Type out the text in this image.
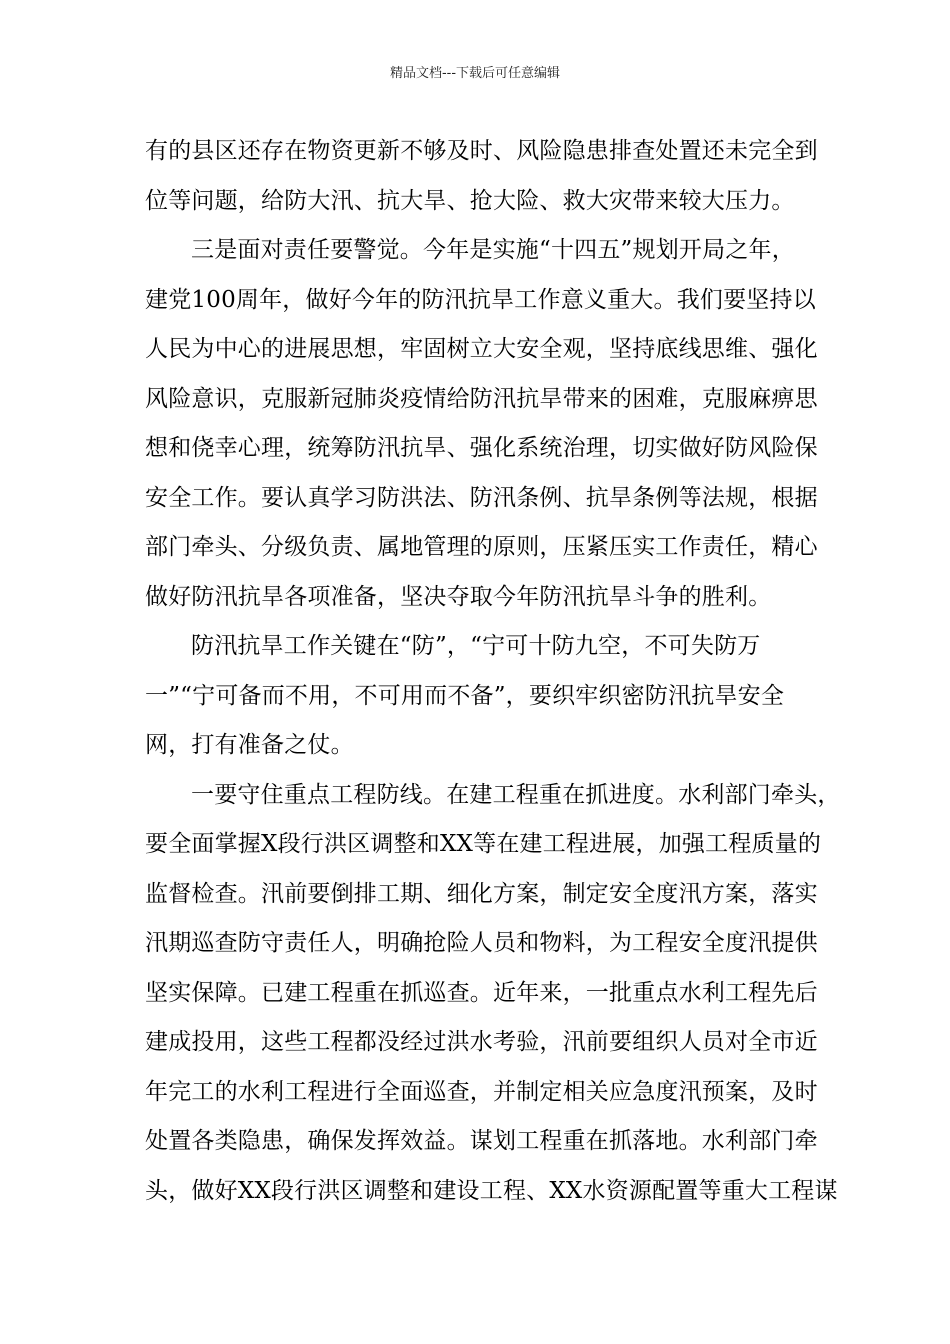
精品文档---下载后可任意编辑
有的县区还存在物资更新不够及时、风险隐患排查处置还未完全到
位等问题，给防大汛、抗大旱、抢大险、救大灾带来较大压力。
三是面对责任要警觉。今年是实施“十四五”规划开局之年，
建党100周年，做好今年的防汛抗旱工作意义重大。我们要坚持以
人民为中心的进展思想，牢固树立大安全观，坚持底线思维、强化
风险意识，克服新冠肺炎疫情给防汛抗旱带来的困难，克服麻痹思
想和侥幸心理，统筹防汛抗旱、强化系统治理，切实做好防风险保
安全工作。要认真学习防洪法、防汛条例、抗旱条例等法规，根据
部门牵头、分级负责、属地管理的原则，压紧压实工作责任，精心
做好防汛抗旱各项准备，坚决夺取今年防汛抗旱斗争的胜利。
防汛抗旱工作关键在“防”，“宁可十防九空，不可失防万
一”“宁可备而不用，不可用而不备”，要织牢织密防汛抗旱安全
网，打有准备之仗。
一要守住重点工程防线。在建工程重在抓进度。水利部门牵头，
要全面掌握X段行洪区调整和XX等在建工程进展，加强工程质量的
监督检查。汛前要倒排工期、细化方案，制定安全度汛方案，落实
汛期巡查防守责任人，明确抢险人员和物料，为工程安全度汛提供
坚实保障。已建工程重在抓巡查。近年来，一批重点水利工程先后
建成投用，这些工程都没经过洪水考验，汛前要组织人员对全市近
年完工的水利工程进行全面巡查，并制定相关应急度汛预案，及时
处置各类隐患，确保发挥效益。谋划工程重在抓落地。水利部门牵
头，做好XX段行洪区调整和建设工程、XX水资源配置等重大工程谋
